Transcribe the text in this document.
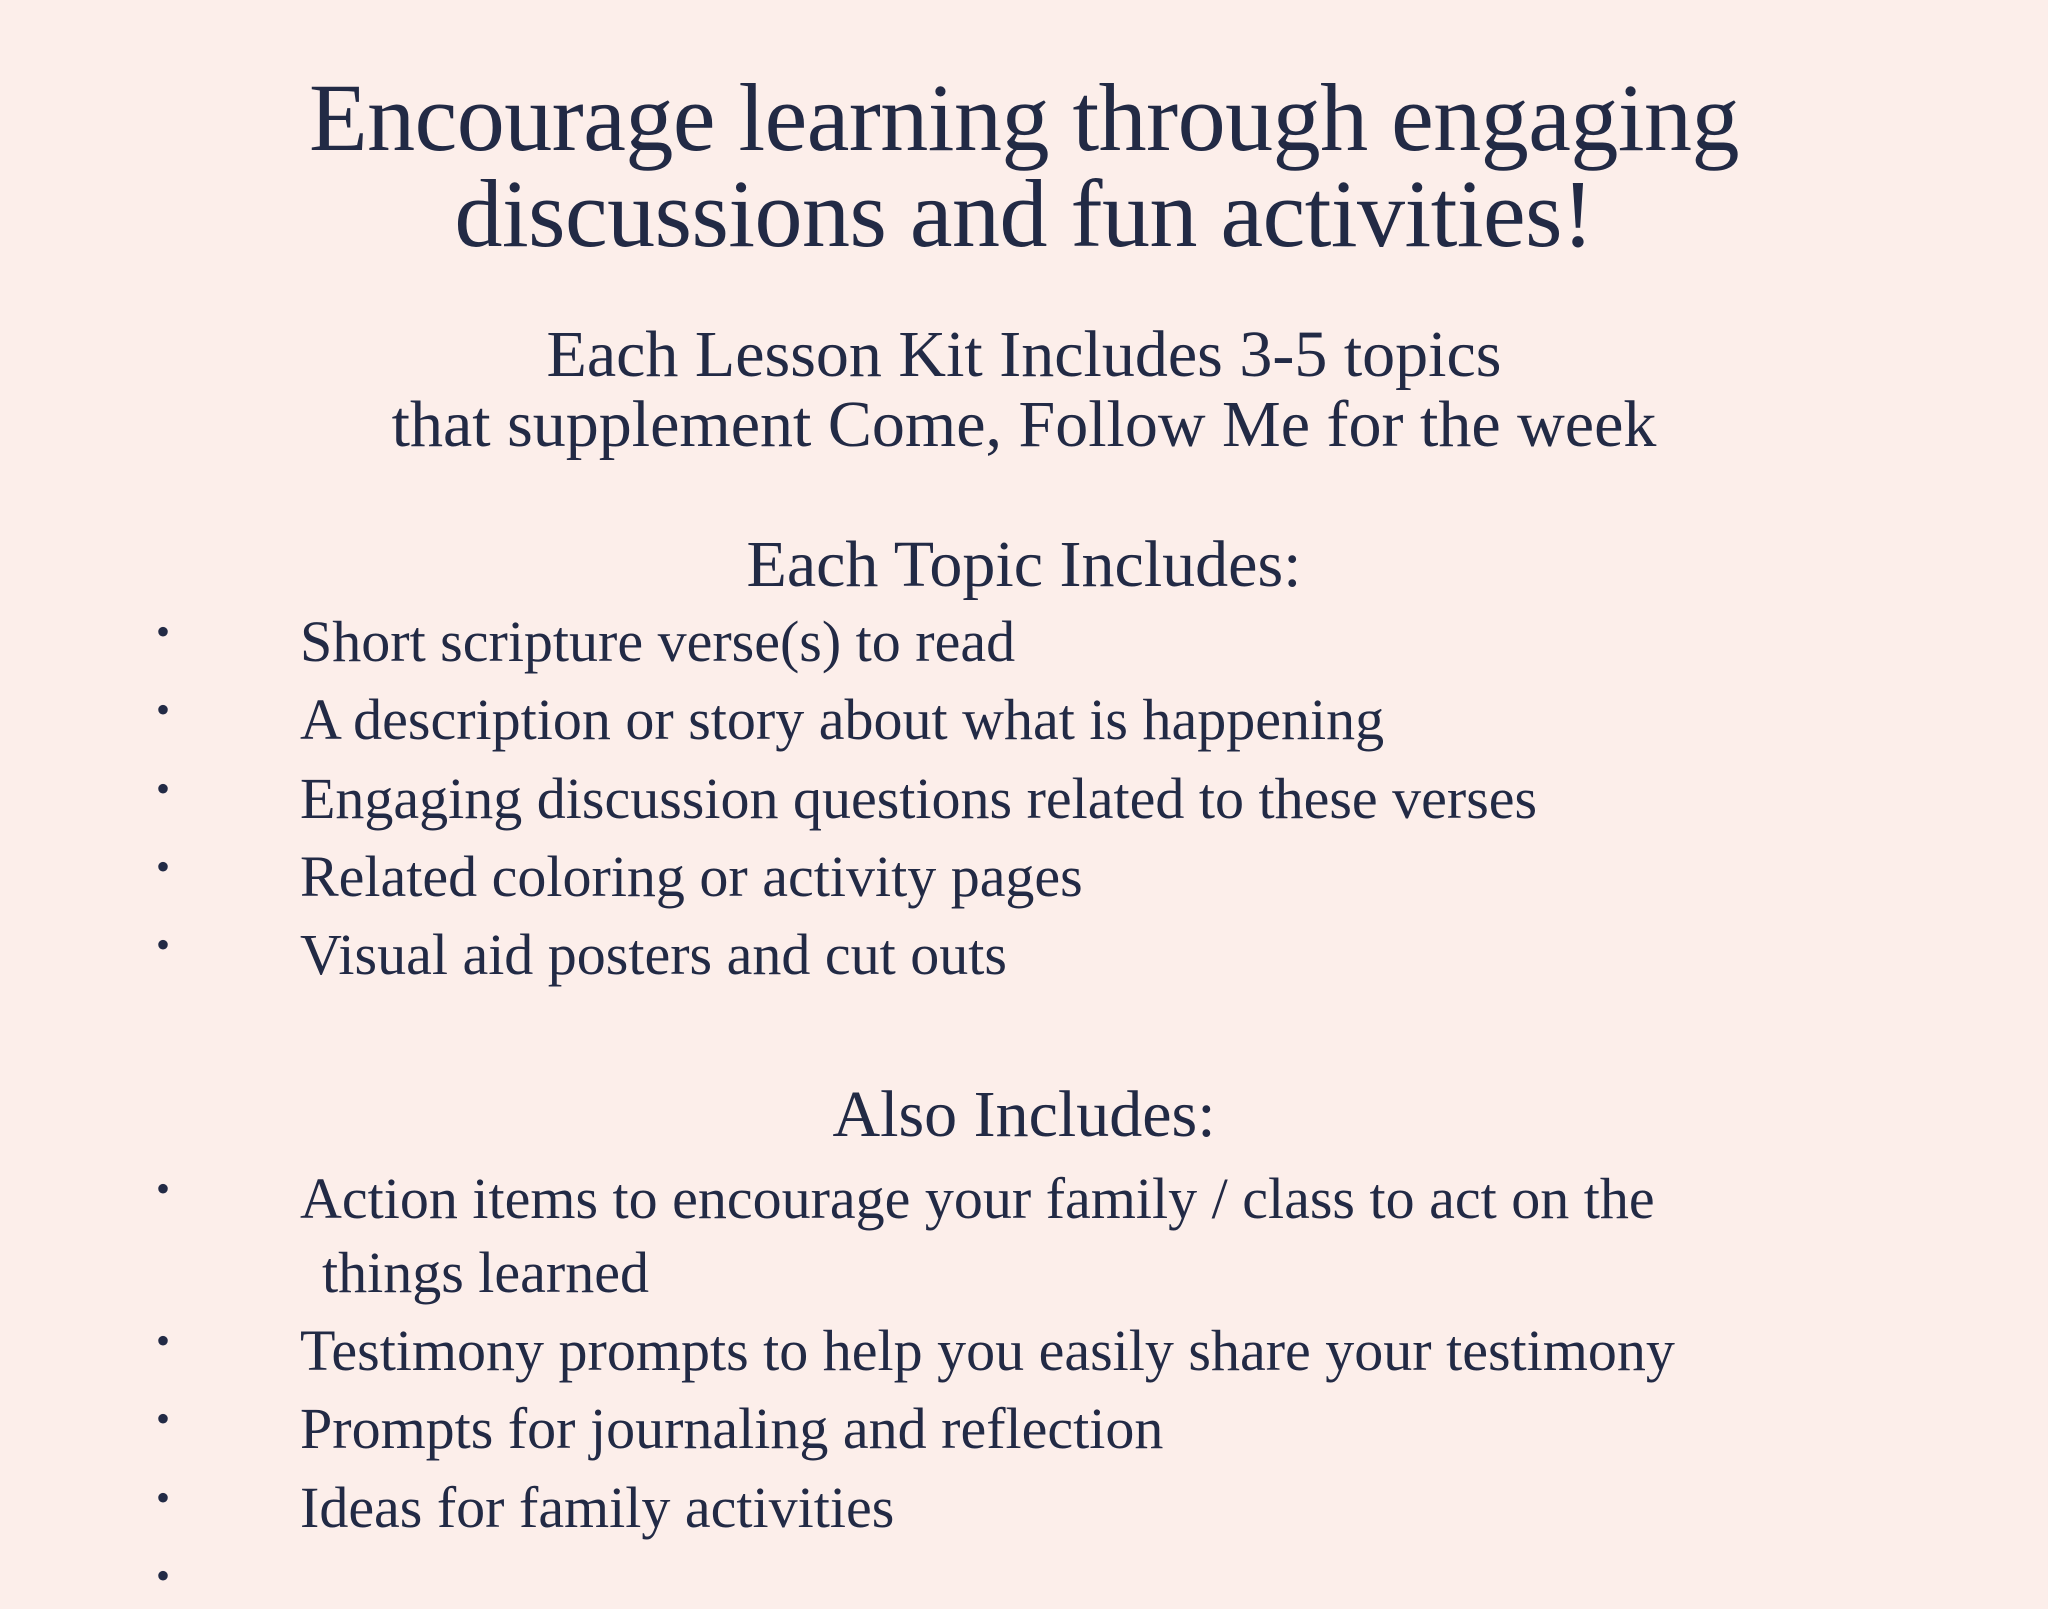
Encourage learning through engaging discussions and fun activities!
Each Lesson Kit Includes 3-5 topics
that supplement Come, Follow Me for the week
Each Topic Includes:
• Short scripture verse(s) to read
• A description or story about what is happening
• Engaging discussion questions related to these verses
• Related coloring or activity pages
• Visual aid posters and cut outs
Also Includes:
• Action items to encourage your family / class to act on the
things learned
• Testimony prompts to help you easily share your testimony
• Prompts for journaling and reflection
• Ideas for family activities
•
